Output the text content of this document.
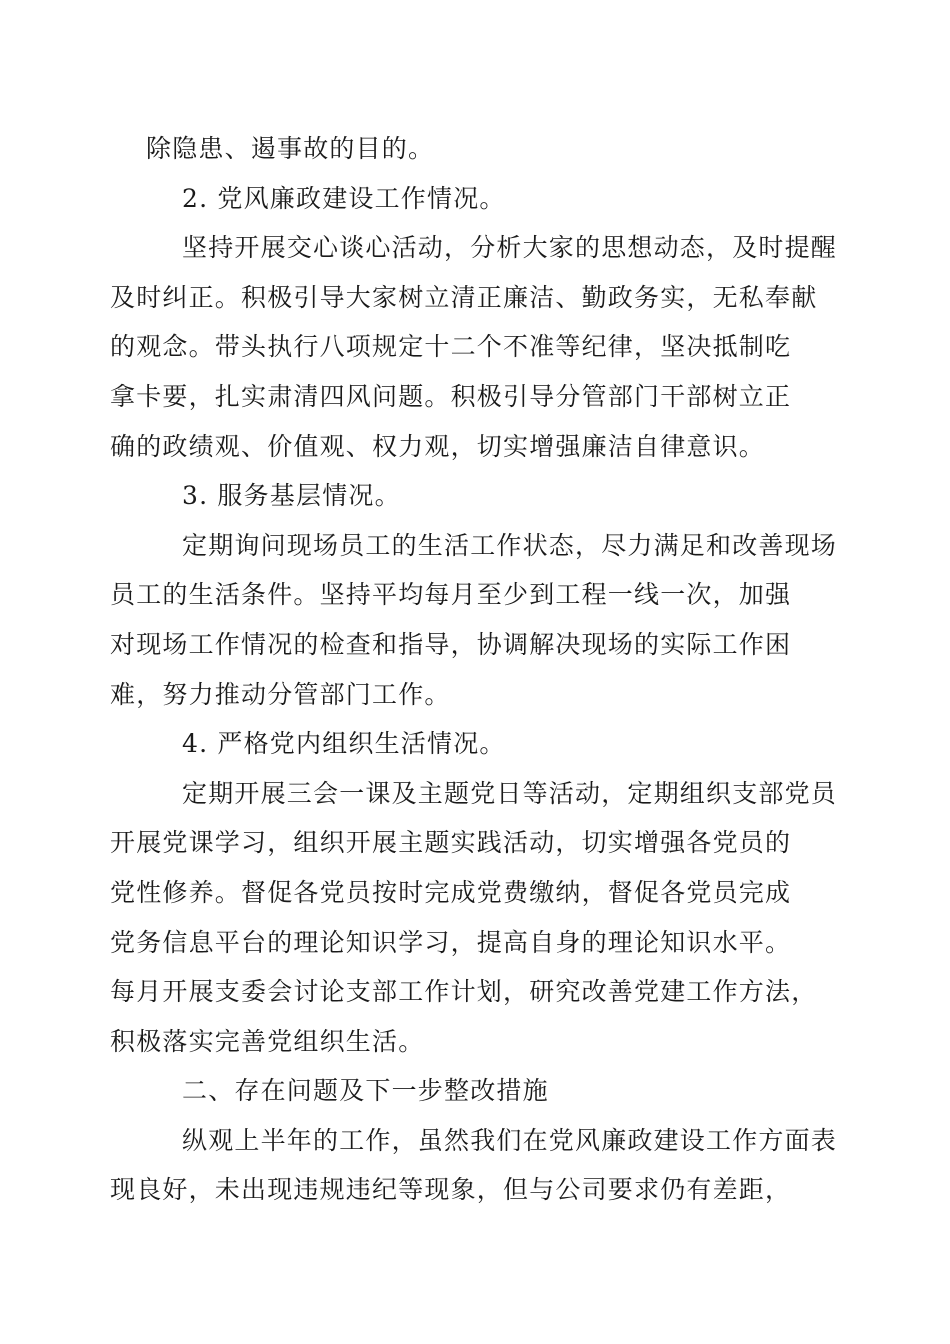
除隐患、遏事故的目的。

2. 党风廉政建设工作情况。

坚持开展交心谈心活动，分析大家的思想动态，及时提醒
及时纠正。积极引导大家树立清正廉洁、勤政务实，无私奉献
的观念。带头执行八项规定十二个不准等纪律，坚决抵制吃
拿卡要，扎实肃清四风问题。积极引导分管部门干部树立正
确的政绩观、价值观、权力观，切实增强廉洁自律意识。

3. 服务基层情况。

定期询问现场员工的生活工作状态，尽力满足和改善现场
员工的生活条件。坚持平均每月至少到工程一线一次，加强
对现场工作情况的检查和指导，协调解决现场的实际工作困
难，努力推动分管部门工作。

4. 严格党内组织生活情况。

定期开展三会一课及主题党日等活动，定期组织支部党员
开展党课学习，组织开展主题实践活动，切实增强各党员的
党性修养。督促各党员按时完成党费缴纳，督促各党员完成
党务信息平台的理论知识学习，提高自身的理论知识水平。
每月开展支委会讨论支部工作计划，研究改善党建工作方法，
积极落实完善党组织生活。

二、存在问题及下一步整改措施

纵观上半年的工作，虽然我们在党风廉政建设工作方面表
现良好，未出现违规违纪等现象，但与公司要求仍有差距，
